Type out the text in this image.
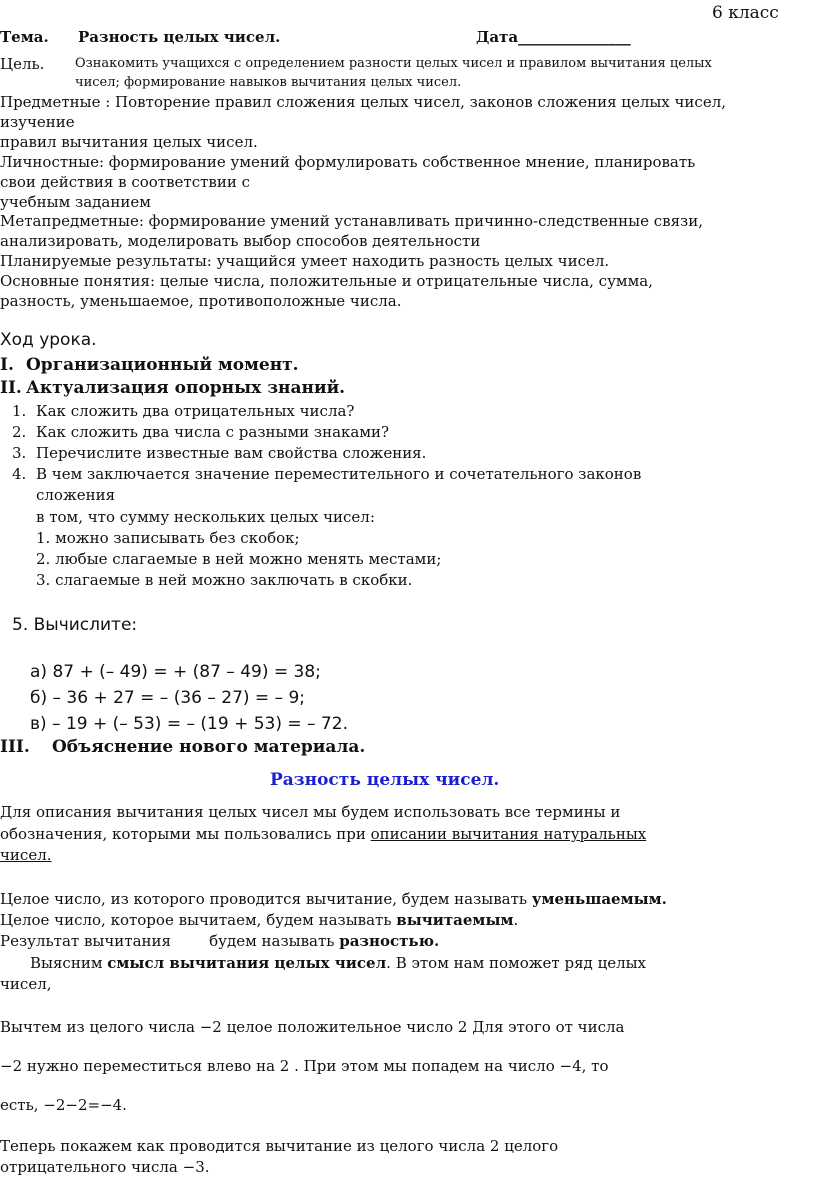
6 класс
Тема. Разность целых чисел.	Дата_______________
Цель. Ознакомить учащихся с определением разности целых чисел и правилом вычитания целых
чисел; формирование навыков вычитания целых чисел.
Предметные : Повторение правил сложения целых чисел, законов сложения целых чисел,
изучение
правил вычитания целых чисел.
Личностные: формирование умений формулировать собственное мнение, планировать
свои действия в соответствии с
учебным заданием
Метапредметные: формирование умений устанавливать причинно-следственные связи,
анализировать, моделировать выбор способов деятельности
Планируемые результаты: учащийся умеет находить разность целых чисел.
Основные понятия: целые числа, положительные и отрицательные числа, сумма,
разность, уменьшаемое, противоположные числа.
Ход урока.
I. Организационный момент.
II. Актуализация опорных знаний.
1. Как сложить два отрицательных числа?
2. Как сложить два числа с разными знаками?
3. Перечислите известные вам свойства сложения.
4. В чем заключается значение переместительного и сочетательного законов
сложения
в том, что сумму нескольких целых чисел:
1. можно записывать без скобок;
2. любые слагаемые в ней можно менять местами;
3. слагаемые в ней можно заключать в скобки.
5. Вычислите:
а) 87 + (– 49) = + (87 – 49) = 38;
б) – 36 + 27 = – (36 – 27) = – 9;
в) – 19 + (– 53) = – (19 + 53) = – 72.
III. Объяснение нового материала.
Разность целых чисел.
Для описания вычитания целых чисел мы будем использовать все термины и
обозначения, которыми мы пользовались при описании вычитания натуральных
чисел.
Целое число, из которого проводится вычитание, будем называть уменьшаемым.
Целое число, которое вычитаем, будем называть вычитаемым.
Результат вычитания        будем называть разностью.
Выясним смысл вычитания целых чисел. В этом нам поможет ряд целых
чисел,
Вычтем из целого числа −2 целое положительное число 2 Для этого от числа
−2 нужно переместиться влево на 2 . При этом мы попадем на число −4, то
есть, −2−2=−4.
Теперь покажем как проводится вычитание из целого числа 2 целого
отрицательного числа −3.
